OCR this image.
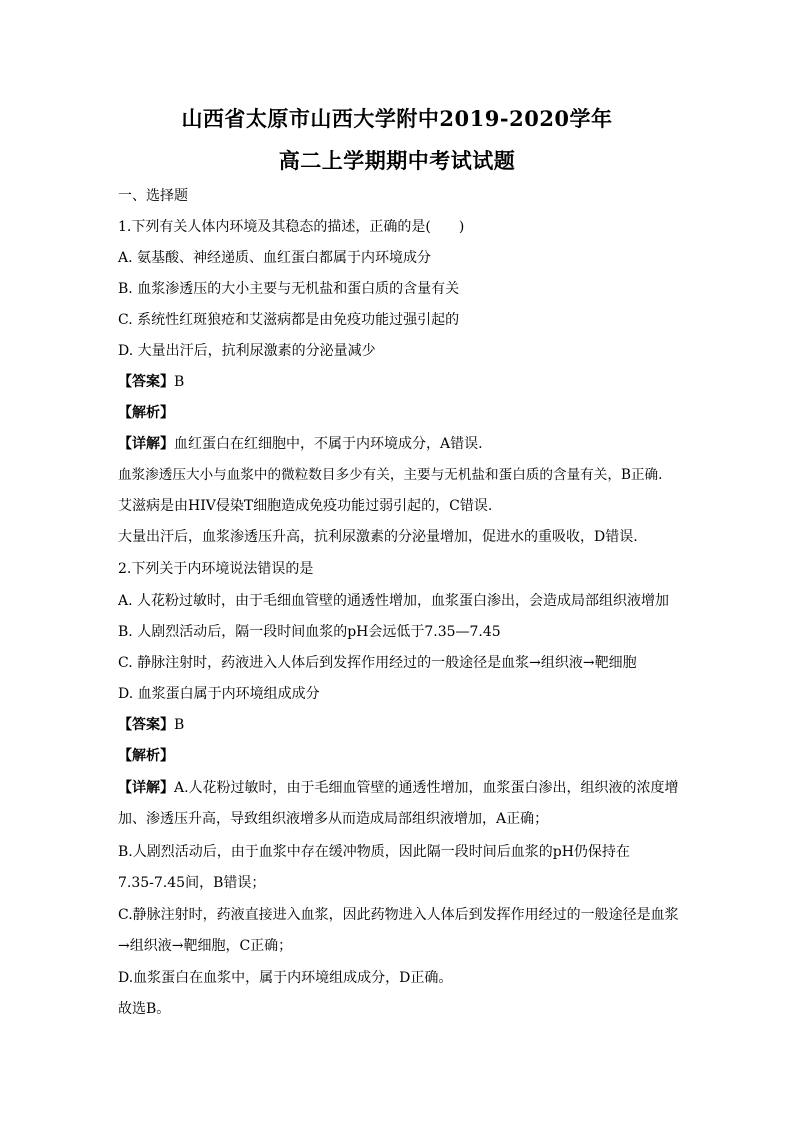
山西省太原市山西大学附中2019-2020学年
高二上学期期中考试试题
一、选择题
1.下列有关人体内环境及其稳态的描述，正确的是(　　)
A. 氨基酸、神经递质、血红蛋白都属于内环境成分
B. 血浆渗透压的大小主要与无机盐和蛋白质的含量有关
C. 系统性红斑狼疮和艾滋病都是由免疫功能过强引起的
D. 大量出汗后，抗利尿激素的分泌量减少
【答案】B
【解析】
【详解】血红蛋白在红细胞中，不属于内环境成分，A错误.
血浆渗透压大小与血浆中的微粒数目多少有关，主要与无机盐和蛋白质的含量有关，B正确.
艾滋病是由HIV侵染T细胞造成免疫功能过弱引起的，C错误.
大量出汗后，血浆渗透压升高，抗利尿激素的分泌量增加，促进水的重吸收，D错误.
2.下列关于内环境说法错误的是
A. 人花粉过敏时，由于毛细血管壁的通透性增加，血浆蛋白渗出，会造成局部组织液增加
B. 人剧烈活动后，隔一段时间血浆的pH会远低于7.35—7.45
C. 静脉注射时，药液进入人体后到发挥作用经过的一般途径是血浆→组织液→靶细胞
D. 血浆蛋白属于内环境组成成分
【答案】B
【解析】
【详解】A.人花粉过敏时，由于毛细血管壁的通透性增加，血浆蛋白渗出，组织液的浓度增
加、渗透压升高，导致组织液增多从而造成局部组织液增加，A正确；
B.人剧烈活动后，由于血浆中存在缓冲物质，因此隔一段时间后血浆的pH仍保持在
7.35-7.45间，B错误；
C.静脉注射时，药液直接进入血浆，因此药物进入人体后到发挥作用经过的一般途径是血浆
→组织液→靶细胞，C正确；
D.血浆蛋白在血浆中，属于内环境组成成分，D正确。
故选B。
